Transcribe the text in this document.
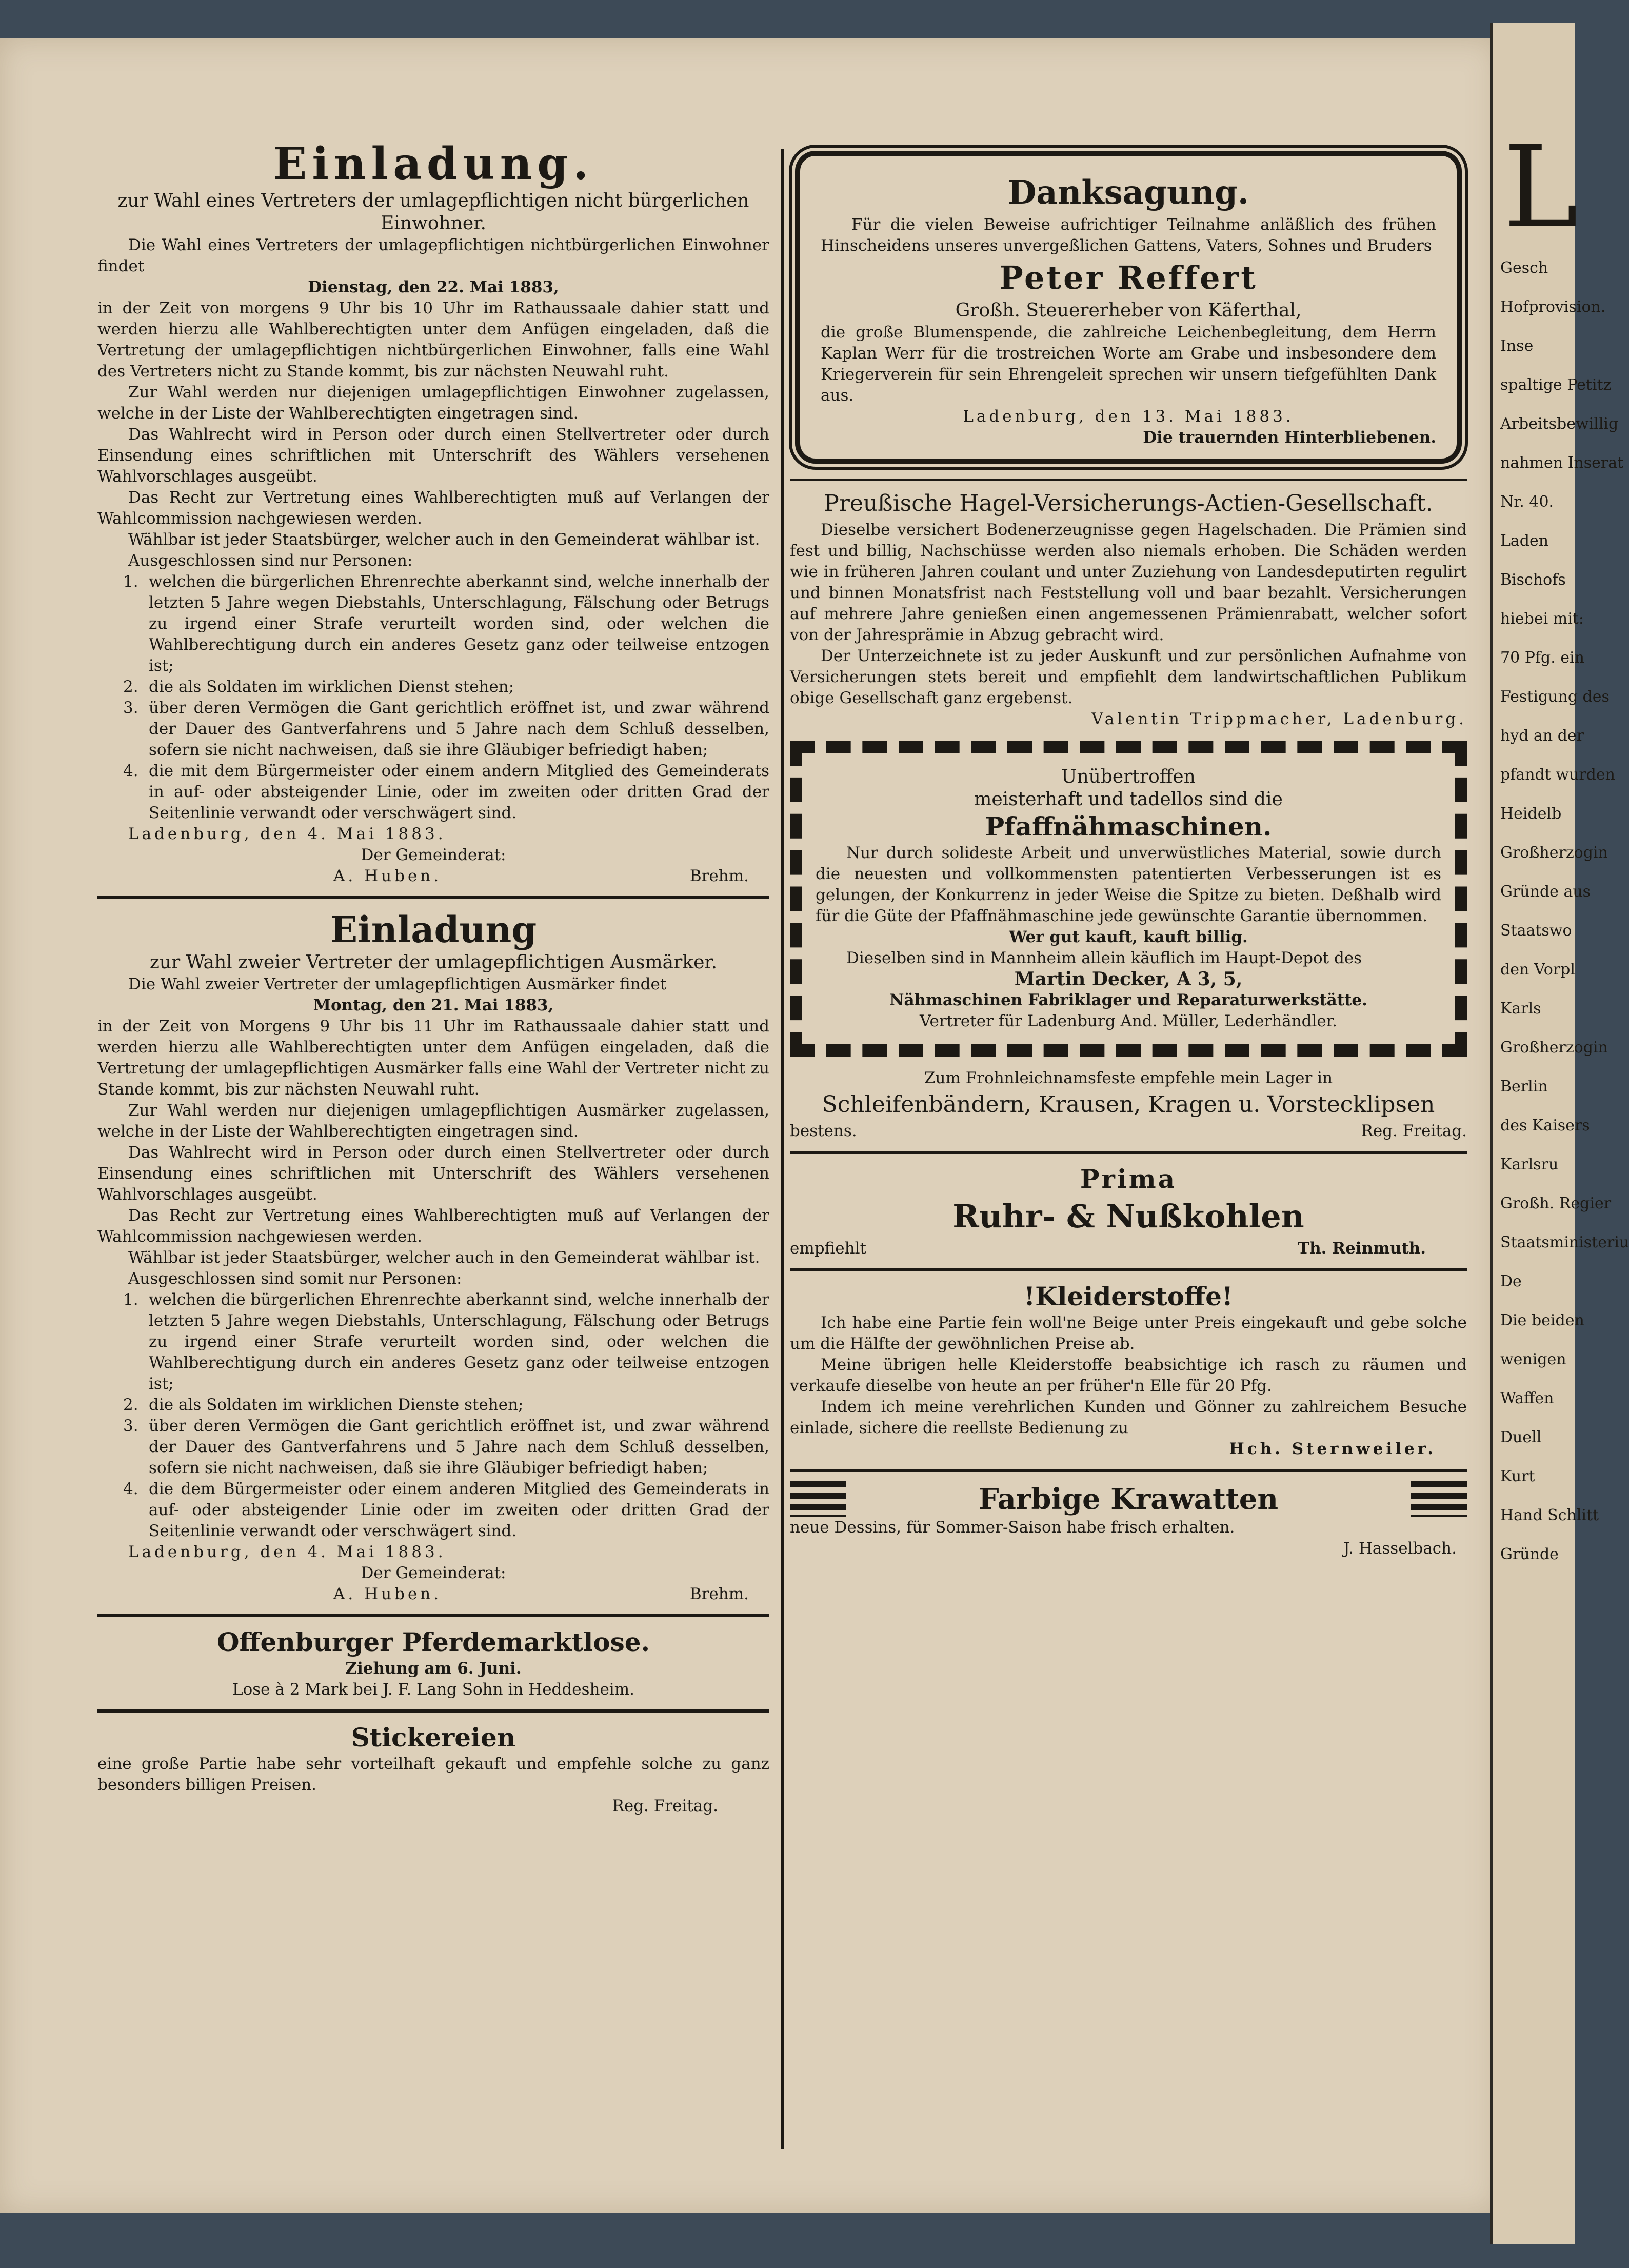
L
Gesch
Hofprovision.
Inse
spaltige Petitz
Arbeitsbewillig
nahmen Inserat
Nr. 40.
Laden
Bischofs
hiebei mit:
70 Pfg. ein
Festigung des
hyd an der
pfandt wurden
Heidelb
Großherzogin
Gründe aus
Staatswo
den Vorpl
Karls
Großherzogin
Berlin
des Kaisers
Karlsru
Großh. Regier
Staatsministeriu
De
Die beiden
wenigen
Waffen
Duell
Kurt
Hand Schlitt
Gründe

Einladung.

zur Wahl eines Vertreters der umlagepflichtigen nicht bürgerlichen Einwohner.

Die Wahl eines Vertreters der umlagepflichtigen nichtbürgerlichen Einwohner findet

Dienstag, den 22. Mai 1883,

in der Zeit von morgens 9 Uhr bis 10 Uhr im Rathaussaale dahier statt und werden hierzu alle Wahlberechtigten unter dem Anfügen eingeladen, daß die Vertretung der umlagepflichtigen nichtbürgerlichen Einwohner, falls eine Wahl des Vertreters nicht zu Stande kommt, bis zur nächsten Neuwahl ruht.

Zur Wahl werden nur diejenigen umlagepflichtigen Einwohner zugelassen, welche in der Liste der Wahlberechtigten eingetragen sind.

Das Wahlrecht wird in Person oder durch einen Stellvertreter oder durch Einsendung eines schriftlichen mit Unterschrift des Wählers versehenen Wahlvorschlages ausgeübt.

Das Recht zur Vertretung eines Wahlberechtigten muß auf Verlangen der Wahlcommission nachgewiesen werden.

Wählbar ist jeder Staatsbürger, welcher auch in den Gemeinderat wählbar ist.

Ausgeschlossen sind nur Personen:

1. welchen die bürgerlichen Ehrenrechte aberkannt sind, welche innerhalb der letzten 5 Jahre wegen Diebstahls, Unterschlagung, Fälschung oder Betrugs zu irgend einer Strafe verurteilt worden sind, oder welchen die Wahlberechtigung durch ein anderes Gesetz ganz oder teilweise entzogen ist;
2. die als Soldaten im wirklichen Dienst stehen;
3. über deren Vermögen die Gant gerichtlich eröffnet ist, und zwar während der Dauer des Gantverfahrens und 5 Jahre nach dem Schluß desselben, sofern sie nicht nachweisen, daß sie ihre Gläubiger befriedigt haben;
4. die mit dem Bürgermeister oder einem andern Mitglied des Gemeinderats in auf- oder absteigender Linie, oder im zweiten oder dritten Grad der Seitenlinie verwandt oder verschwägert sind.

Ladenburg, den 4. Mai 1883.

Der Gemeinderat:

A. Huben.	Brehm.

Einladung

zur Wahl zweier Vertreter der umlagepflichtigen Ausmärker.

Die Wahl zweier Vertreter der umlagepflichtigen Ausmärker findet

Montag, den 21. Mai 1883,

in der Zeit von Morgens 9 Uhr bis 11 Uhr im Rathaussaale dahier statt und werden hierzu alle Wahlberechtigten unter dem Anfügen eingeladen, daß die Vertretung der umlagepflichtigen Ausmärker falls eine Wahl der Vertreter nicht zu Stande kommt, bis zur nächsten Neuwahl ruht.

Zur Wahl werden nur diejenigen umlagepflichtigen Ausmärker zugelassen, welche in der Liste der Wahlberechtigten eingetragen sind.

Das Wahlrecht wird in Person oder durch einen Stellvertreter oder durch Einsendung eines schriftlichen mit Unterschrift des Wählers versehenen Wahlvorschlages ausgeübt.

Das Recht zur Vertretung eines Wahlberechtigten muß auf Verlangen der Wahlcommission nachgewiesen werden.

Wählbar ist jeder Staatsbürger, welcher auch in den Gemeinderat wählbar ist.

Ausgeschlossen sind somit nur Personen:

1. welchen die bürgerlichen Ehrenrechte aberkannt sind, welche innerhalb der letzten 5 Jahre wegen Diebstahls, Unterschlagung, Fälschung oder Betrugs zu irgend einer Strafe verurteilt worden sind, oder welchen die Wahlberechtigung durch ein anderes Gesetz ganz oder teilweise entzogen ist;
2. die als Soldaten im wirklichen Dienste stehen;
3. über deren Vermögen die Gant gerichtlich eröffnet ist, und zwar während der Dauer des Gantverfahrens und 5 Jahre nach dem Schluß desselben, sofern sie nicht nachweisen, daß sie ihre Gläubiger befriedigt haben;
4. die dem Bürgermeister oder einem anderen Mitglied des Gemeinderats in auf- oder absteigender Linie oder im zweiten oder dritten Grad der Seitenlinie verwandt oder verschwägert sind.

Ladenburg, den 4. Mai 1883.

Der Gemeinderat:

A. Huben.	Brehm.

Offenburger Pferdemarktlose.

Ziehung am 6. Juni.

Lose à 2 Mark bei J. F. Lang Sohn in Heddesheim.

Stickereien

eine große Partie habe sehr vorteilhaft gekauft und empfehle solche zu ganz besonders billigen Preisen.

Reg. Freitag.

Danksagung.

Für die vielen Beweise aufrichtiger Teilnahme anläßlich des frühen Hinscheidens unseres unvergeßlichen Gattens, Vaters, Sohnes und Bruders

Peter Reffert

Großh. Steuererheber von Käferthal,

die große Blumenspende, die zahlreiche Leichenbegleitung, dem Herrn Kaplan Werr für die trostreichen Worte am Grabe und insbesondere dem Kriegerverein für sein Ehrengeleit sprechen wir unsern tiefgefühlten Dank aus.

Ladenburg, den 13. Mai 1883.

Die trauernden Hinterbliebenen.

Preußische Hagel-Versicherungs-Actien-Gesellschaft.

Dieselbe versichert Bodenerzeugnisse gegen Hagelschaden. Die Prämien sind fest und billig, Nachschüsse werden also niemals erhoben. Die Schäden werden wie in früheren Jahren coulant und unter Zuziehung von Landesdeputirten regulirt und binnen Monatsfrist nach Feststellung voll und baar bezahlt. Versicherungen auf mehrere Jahre genießen einen angemessenen Prämienrabatt, welcher sofort von der Jahresprämie in Abzug gebracht wird.

Der Unterzeichnete ist zu jeder Auskunft und zur persönlichen Aufnahme von Versicherungen stets bereit und empfiehlt dem landwirtschaftlichen Publikum obige Gesellschaft ganz ergebenst.

Valentin Trippmacher, Ladenburg.

Unübertroffen

meisterhaft und tadellos sind die

Pfaffnähmaschinen.

Nur durch solideste Arbeit und unverwüstliches Material, sowie durch die neuesten und vollkommensten patentierten Verbesserungen ist es gelungen, der Konkurrenz in jeder Weise die Spitze zu bieten. Deßhalb wird für die Güte der Pfaffnähmaschine jede gewünschte Garantie übernommen.

Wer gut kauft, kauft billig.

Dieselben sind in Mannheim allein käuflich im Haupt-Depot des

Martin Decker, A 3, 5,

Nähmaschinen Fabriklager und Reparaturwerkstätte.

Vertreter für Ladenburg And. Müller, Lederhändler.

Zum Frohnleichnamsfeste empfehle mein Lager in

Schleifenbändern, Krausen, Kragen u. Vorstecklipsen

bestens.	Reg. Freitag.

Prima

Ruhr- & Nußkohlen

empfiehlt	Th. Reinmuth.

!Kleiderstoffe!

Ich habe eine Partie fein woll'ne Beige unter Preis eingekauft und gebe solche um die Hälfte der gewöhnlichen Preise ab.

Meine übrigen helle Kleiderstoffe beabsichtige ich rasch zu räumen und verkaufe dieselbe von heute an per früher'n Elle für 20 Pfg.

Indem ich meine verehrlichen Kunden und Gönner zu zahlreichem Besuche einlade, sichere die reellste Bedienung zu

Hch. Sternweiler.

Farbige Krawatten

neue Dessins, für Sommer-Saison habe frisch erhalten.

J. Hasselbach.
